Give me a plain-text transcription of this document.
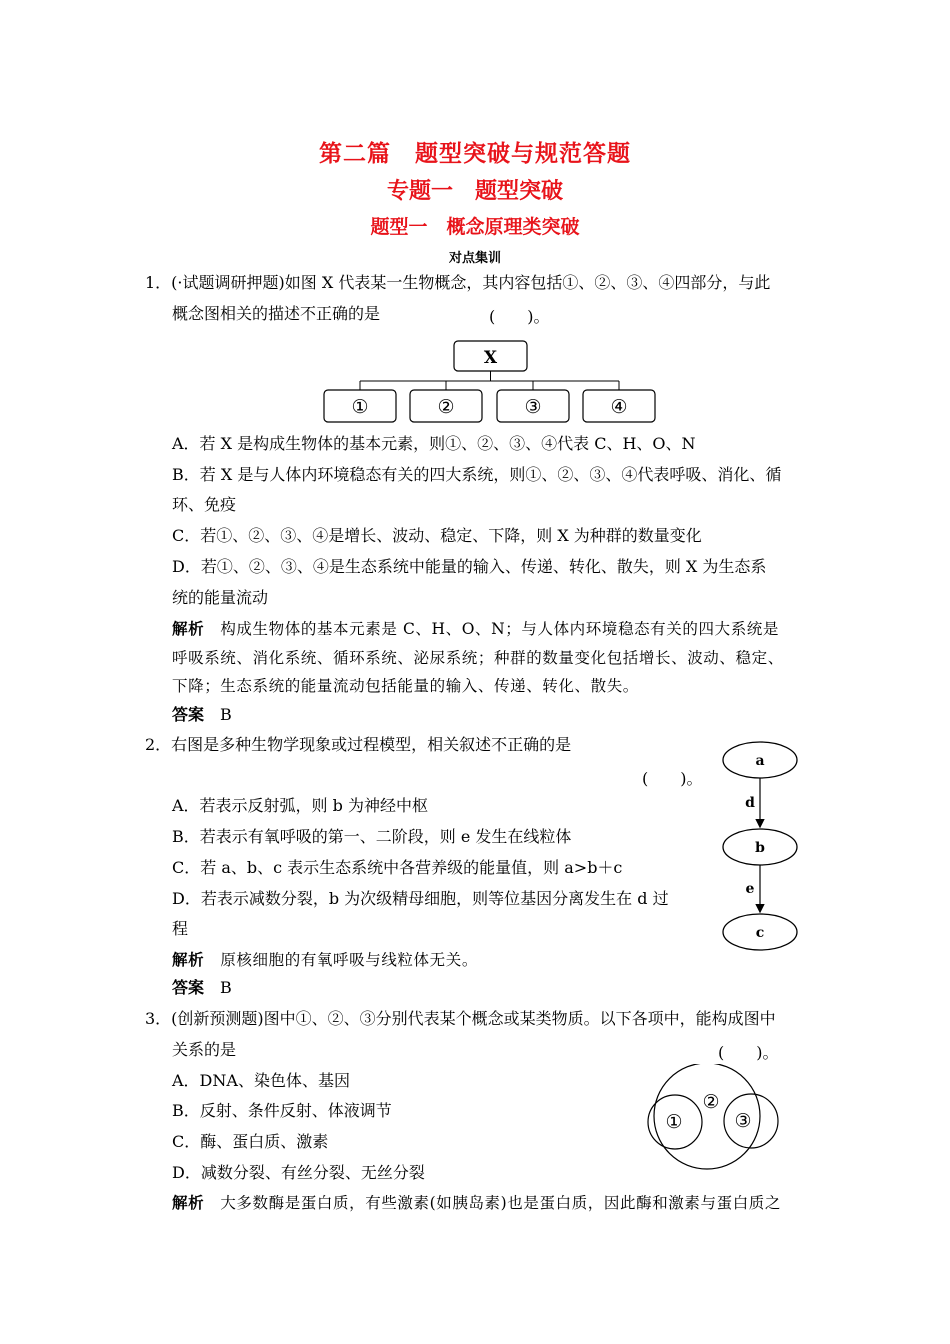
第二篇　题型突破与规范答题
专题一　题型突破
题型一　概念原理类突破
对点集训
1．(·试题调研押题)如图 X 代表某一生物概念，其内容包括①、②、③、④四部分，与此
概念图相关的描述不正确的是	(　　)。
X
①	②	③	④
A．若 X 是构成生物体的基本元素，则①、②、③、④代表 C、H、O、N
B．若 X 是与人体内环境稳态有关的四大系统，则①、②、③、④代表呼吸、消化、循
环、免疫
C．若①、②、③、④是增长、波动、稳定、下降，则 X 为种群的数量变化
D．若①、②、③、④是生态系统中能量的输入、传递、转化、散失，则 X 为生态系
统的能量流动
解析　 构成生物体的基本元素是 C、H、O、N；与人体内环境稳态有关的四大系统是
呼吸系统、消化系统、循环系统、泌尿系统；种群的数量变化包括增长、波动、稳定、
下降；生态系统的能量流动包括能量的输入、传递、转化、散失。
答案　 B
2．右图是多种生物学现象或过程模型，相关叙述不正确的是
(　　)。
a
b
c
d
e
A．若表示反射弧，则 b 为神经中枢
B．若表示有氧呼吸的第一、二阶段，则 e 发生在线粒体
C．若 a、b、c 表示生态系统中各营养级的能量值，则 a>b＋c
D．若表示减数分裂，b 为次级精母细胞，则等位基因分离发生在 d 过
程
解析　 原核细胞的有氧呼吸与线粒体无关。
答案　 B
3．(创新预测题)图中①、②、③分别代表某个概念或某类物质。以下各项中，能构成图中
关系的是	(　　)。
①
②
③
A．DNA、染色体、基因
B．反射、条件反射、体液调节
C．酶、蛋白质、激素
D．减数分裂、有丝分裂、无丝分裂
解析　 大多数酶是蛋白质，有些激素(如胰岛素)也是蛋白质，因此酶和激素与蛋白质之
